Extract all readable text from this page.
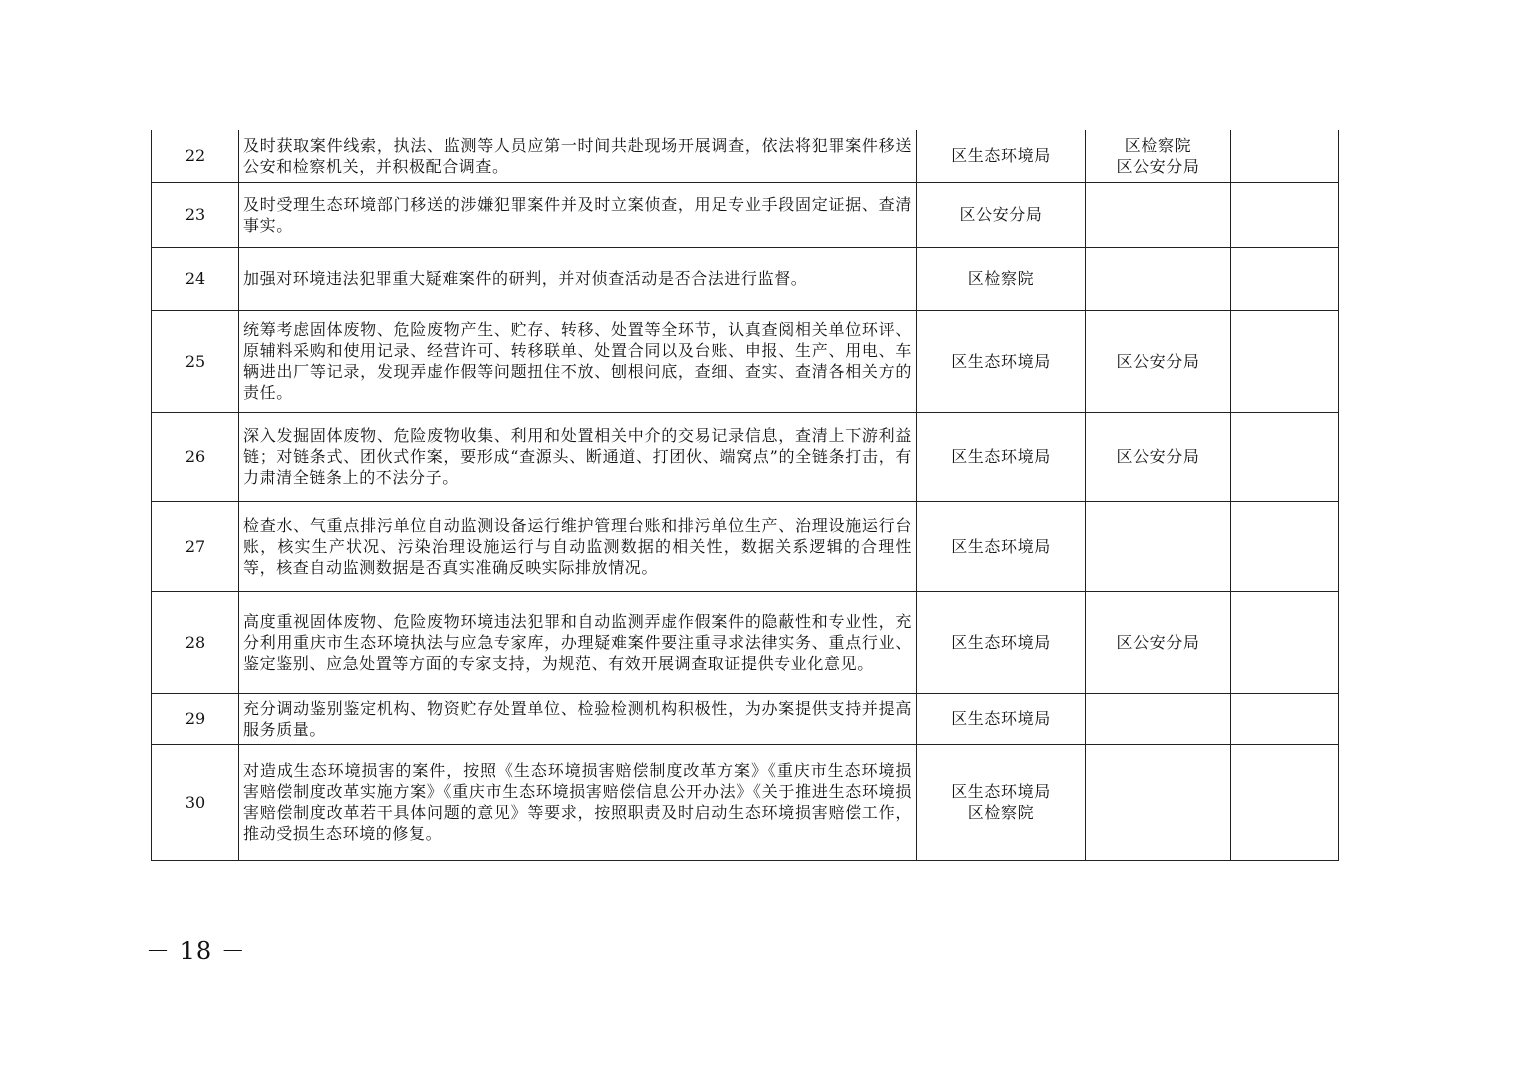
22	及时获取案件线索，执法、监测等人员应第一时间共赴现场开展调查，依法将犯罪案件移送公安和检察机关，并积极配合调查。	区生态环境局	区检察院
区公安分局	

23	及时受理生态环境部门移送的涉嫌犯罪案件并及时立案侦查，用足专业手段固定证据、查清事实。	区公安分局		

24	加强对环境违法犯罪重大疑难案件的研判，并对侦查活动是否合法进行监督。	区检察院		

25	统筹考虑固体废物、危险废物产生、贮存、转移、处置等全环节，认真查阅相关单位环评、原辅料采购和使用记录、经营许可、转移联单、处置合同以及台账、申报、生产、用电、车辆进出厂等记录，发现弄虚作假等问题扭住不放、刨根问底，查细、查实、查清各相关方的责任。	区生态环境局	区公安分局	

26	深入发掘固体废物、危险废物收集、利用和处置相关中介的交易记录信息，查清上下游利益链；对链条式、团伙式作案，要形成“查源头、断通道、打团伙、端窝点”的全链条打击，有力肃清全链条上的不法分子。	区生态环境局	区公安分局	

27	检查水、气重点排污单位自动监测设备运行维护管理台账和排污单位生产、治理设施运行台账，核实生产状况、污染治理设施运行与自动监测数据的相关性，数据关系逻辑的合理性等，核查自动监测数据是否真实准确反映实际排放情况。	区生态环境局		

28	高度重视固体废物、危险废物环境违法犯罪和自动监测弄虚作假案件的隐蔽性和专业性，充分利用重庆市生态环境执法与应急专家库，办理疑难案件要注重寻求法律实务、重点行业、鉴定鉴别、应急处置等方面的专家支持，为规范、有效开展调查取证提供专业化意见。	区生态环境局	区公安分局	

29	充分调动鉴别鉴定机构、物资贮存处置单位、检验检测机构积极性，为办案提供支持并提高服务质量。	区生态环境局		

30	对造成生态环境损害的案件，按照《生态环境损害赔偿制度改革方案》《重庆市生态环境损害赔偿制度改革实施方案》《重庆市生态环境损害赔偿信息公开办法》《关于推进生态环境损害赔偿制度改革若干具体问题的意见》等要求，按照职责及时启动生态环境损害赔偿工作，推动受损生态环境的修复。	区生态环境局
区检察院		

－ 18 －
